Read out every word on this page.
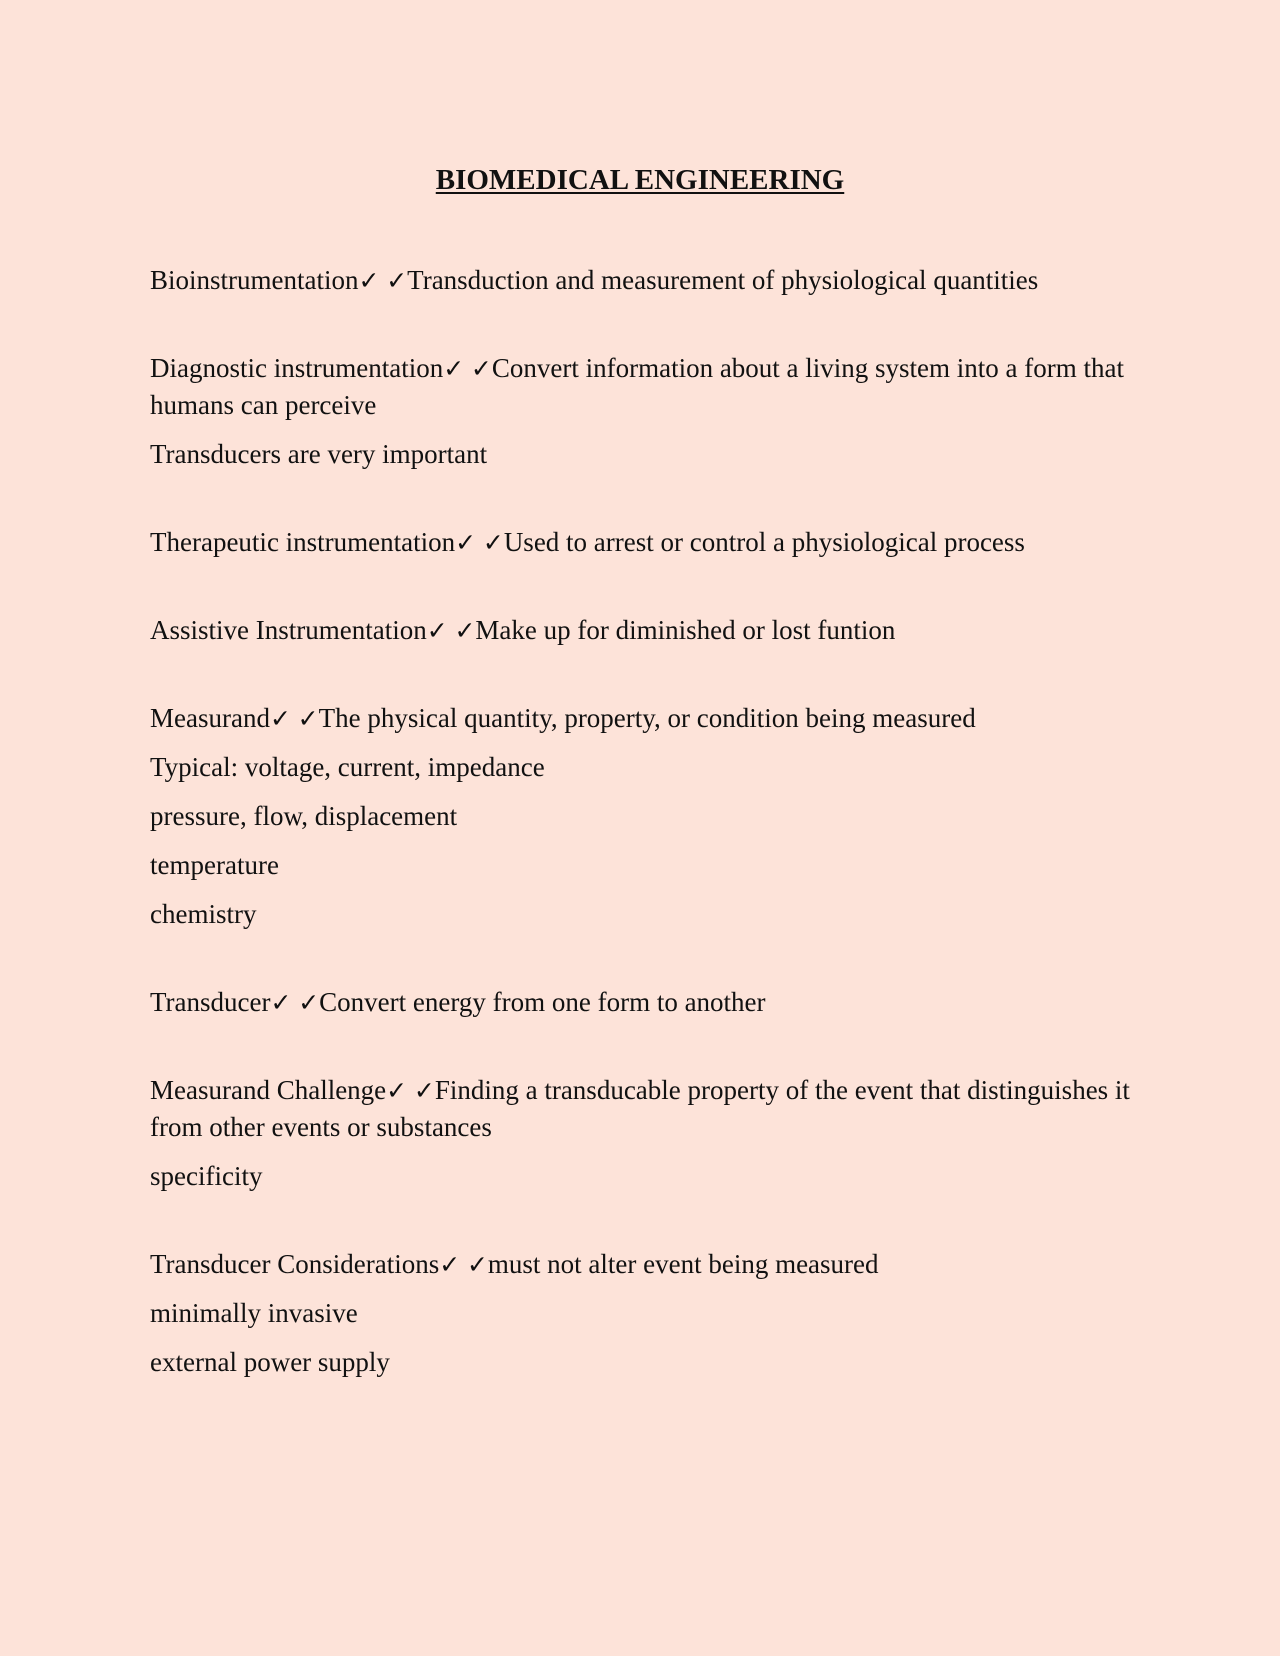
BIOMEDICAL ENGINEERING

Bioinstrumentation✓ ✓Transduction and measurement of physiological quantities

Diagnostic instrumentation✓ ✓Convert information about a living system into a form that humans can perceive

Transducers are very important

Therapeutic instrumentation✓ ✓Used to arrest or control a physiological process

Assistive Instrumentation✓ ✓Make up for diminished or lost funtion

Measurand✓ ✓The physical quantity, property, or condition being measured

Typical: voltage, current, impedance
pressure, flow, displacement
temperature
chemistry

Transducer✓ ✓Convert energy from one form to another

Measurand Challenge✓ ✓Finding a transducable property of the event that distinguishes it from other events or substances

specificity

Transducer Considerations✓ ✓must not alter event being measured

minimally invasive
external power supply
